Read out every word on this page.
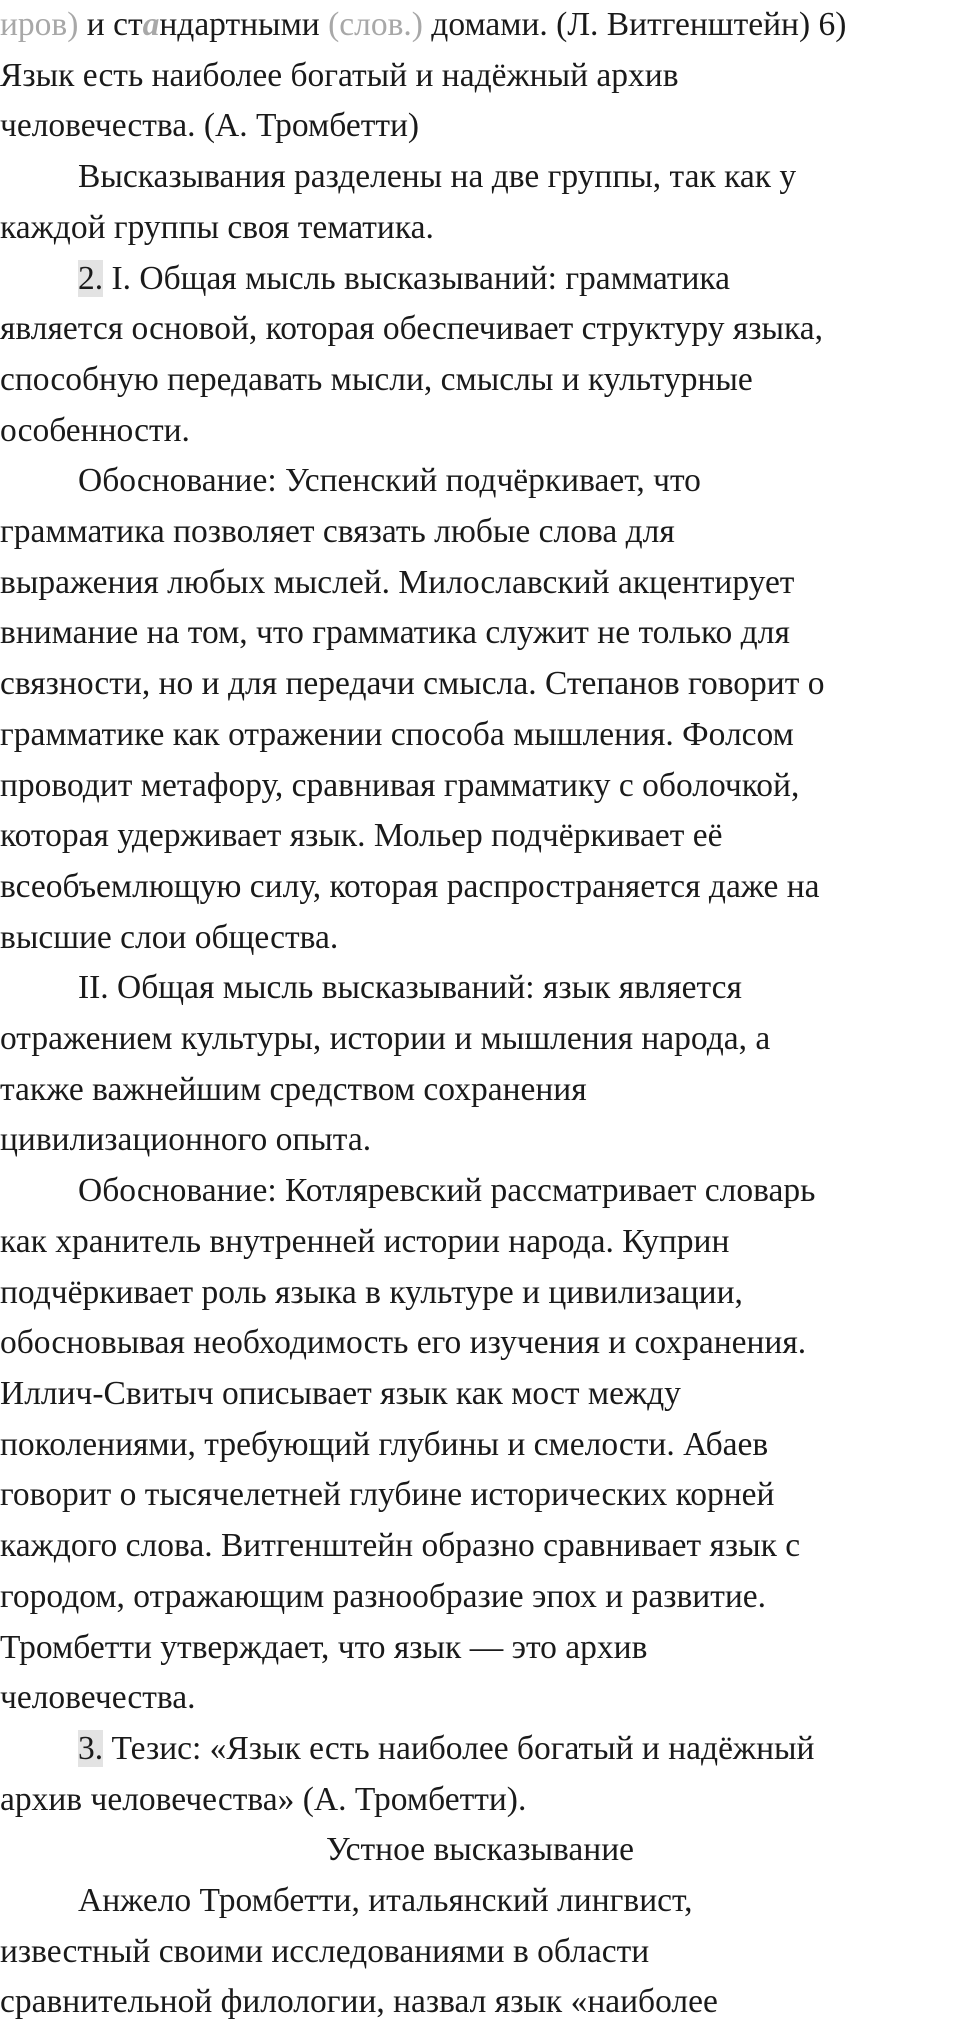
иров) и стандартными (слов.) домами. (Л. Витгенштейн) 6)

Язык есть наиболее богатый и надёжный архив

человечества. (А. Тромбетти)

Высказывания разделены на две группы, так как у

каждой группы своя тематика.

2. I. Общая мысль высказываний: грамматика

является основой, которая обеспечивает структуру языка,

способную передавать мысли, смыслы и культурные

особенности.

Обоснование: Успенский подчёркивает, что

грамматика позволяет связать любые слова для

выражения любых мыслей. Милославский акцентирует

внимание на том, что грамматика служит не только для

связности, но и для передачи смысла. Степанов говорит о

грамматике как отражении способа мышления. Фолсом

проводит метафору, сравнивая грамматику с оболочкой,

которая удерживает язык. Мольер подчёркивает её

всеобъемлющую силу, которая распространяется даже на

высшие слои общества.

II. Общая мысль высказываний: язык является

отражением культуры, истории и мышления народа, а

также важнейшим средством сохранения

цивилизационного опыта.

Обоснование: Котляревский рассматривает словарь

как хранитель внутренней истории народа. Куприн

подчёркивает роль языка в культуре и цивилизации,

обосновывая необходимость его изучения и сохранения.

Иллич-Свитыч описывает язык как мост между

поколениями, требующий глубины и смелости. Абаев

говорит о тысячелетней глубине исторических корней

каждого слова. Витгенштейн образно сравнивает язык с

городом, отражающим разнообразие эпох и развитие.

Тромбетти утверждает, что язык — это архив

человечества.

3. Тезис: «Язык есть наиболее богатый и надёжный

архив человечества» (А. Тромбетти).

Устное высказывание

Анжело Тромбетти, итальянский лингвист,

известный своими исследованиями в области

сравнительной филологии, назвал язык «наиболее
